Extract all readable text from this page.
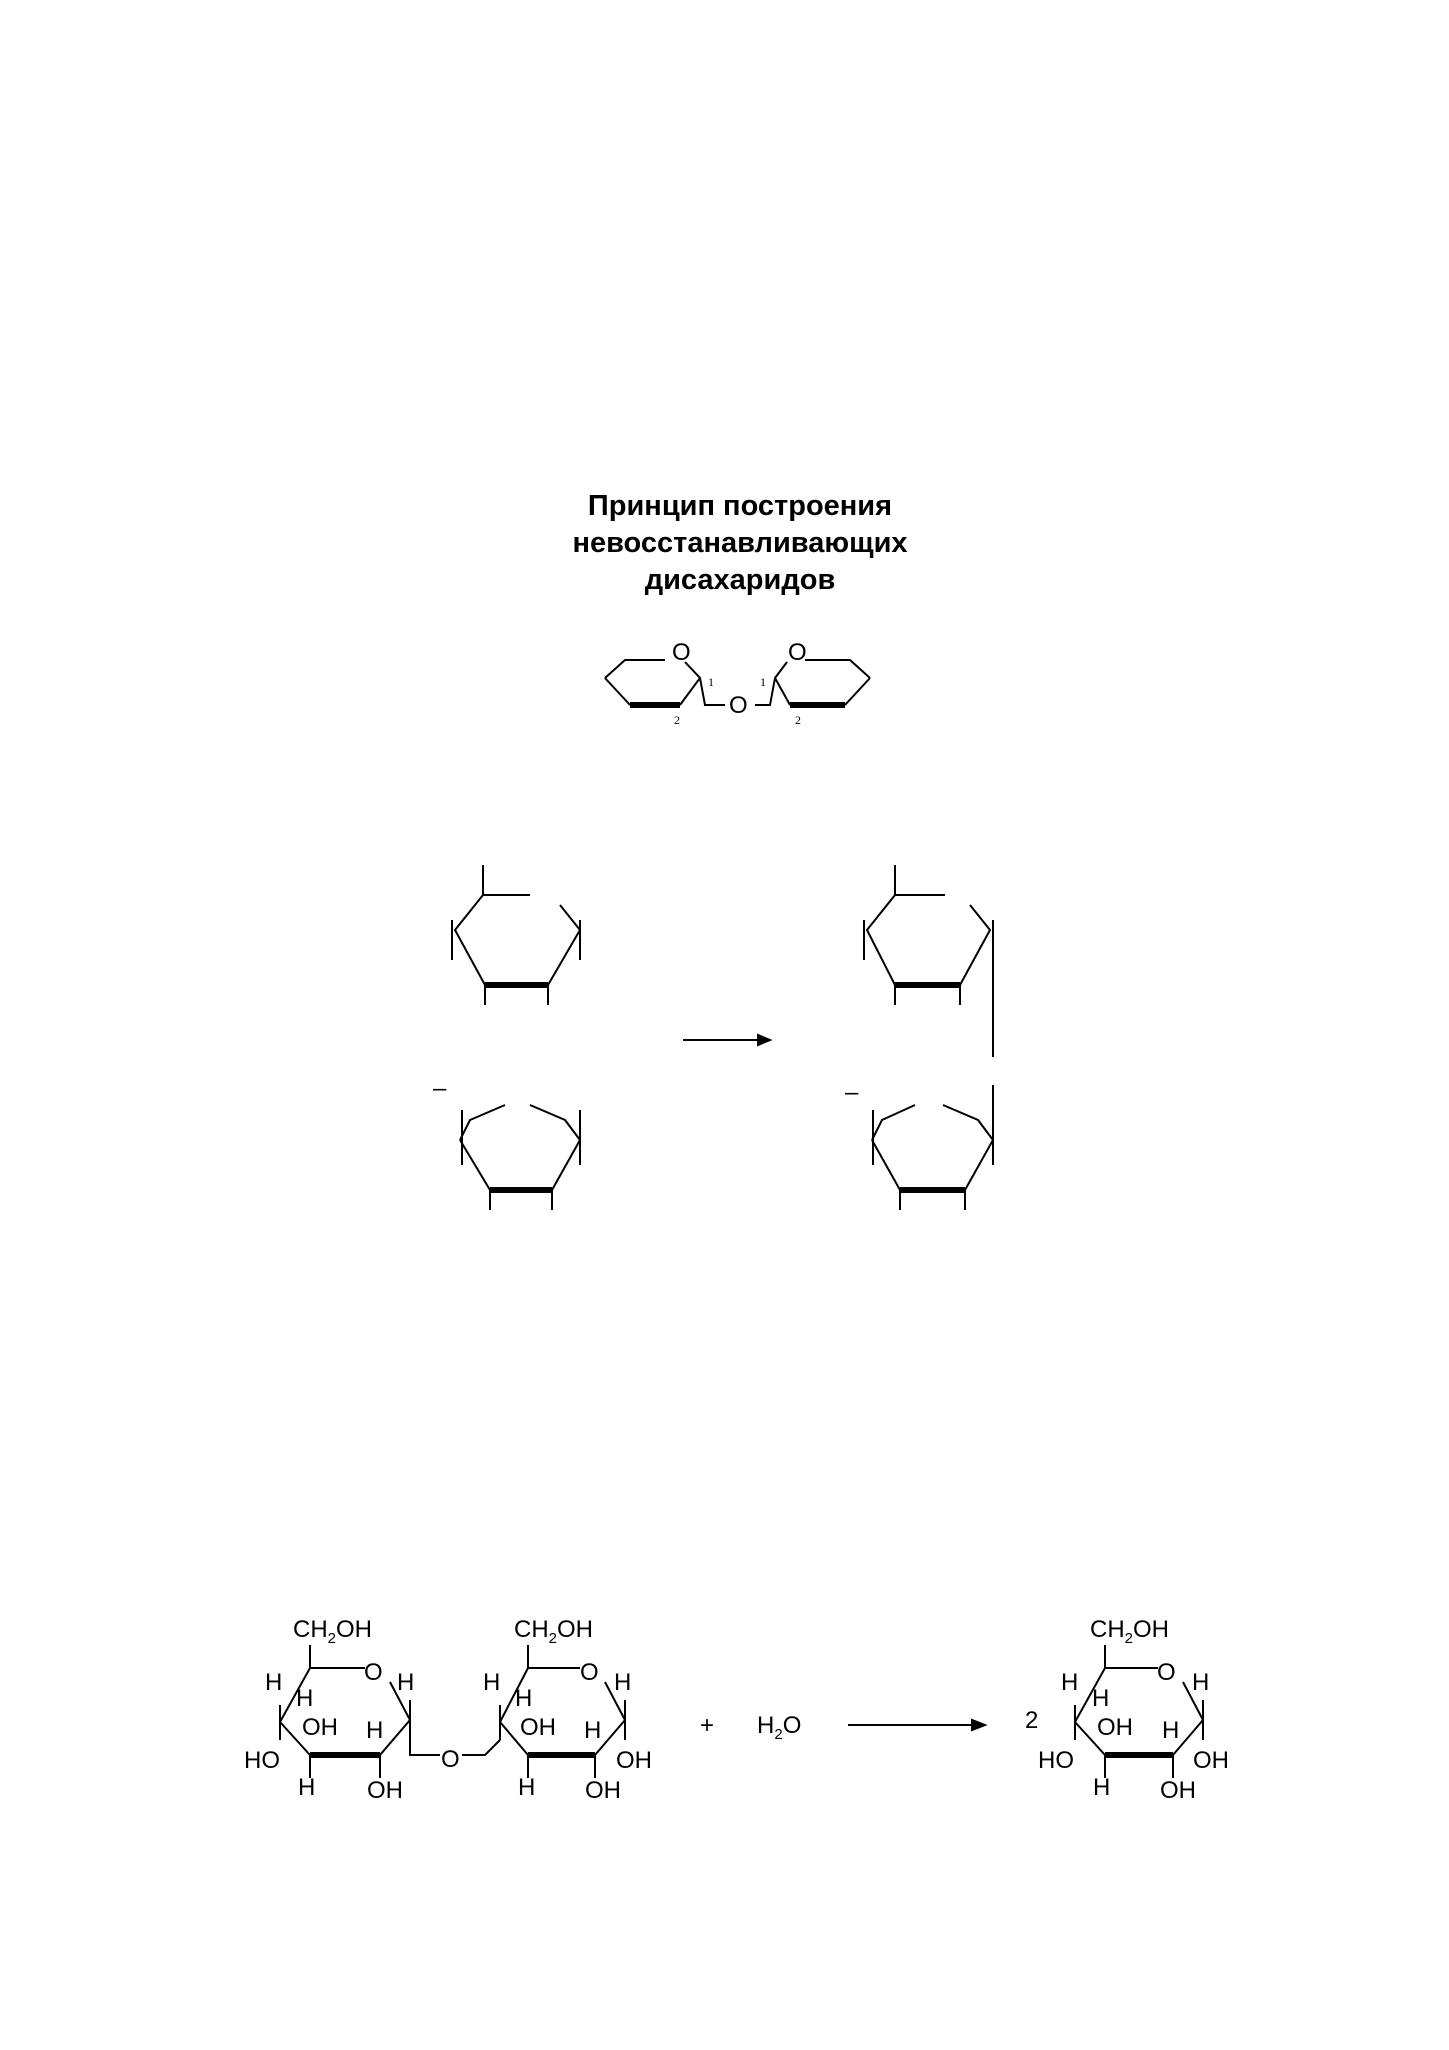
Принцип построения
невосстанавливающих
дисахаридов
O	O
O
1	1
2	2
–	–
$CH_2OH$
O
H
H
H
OH H
HO
H OH
O
$CH_2OH$
O
H
H
H
OH H
OH
H OH
+ $H_2O$	2
$CH_2OH$
O
H
H
H
OH H
HO	OH
H OH
